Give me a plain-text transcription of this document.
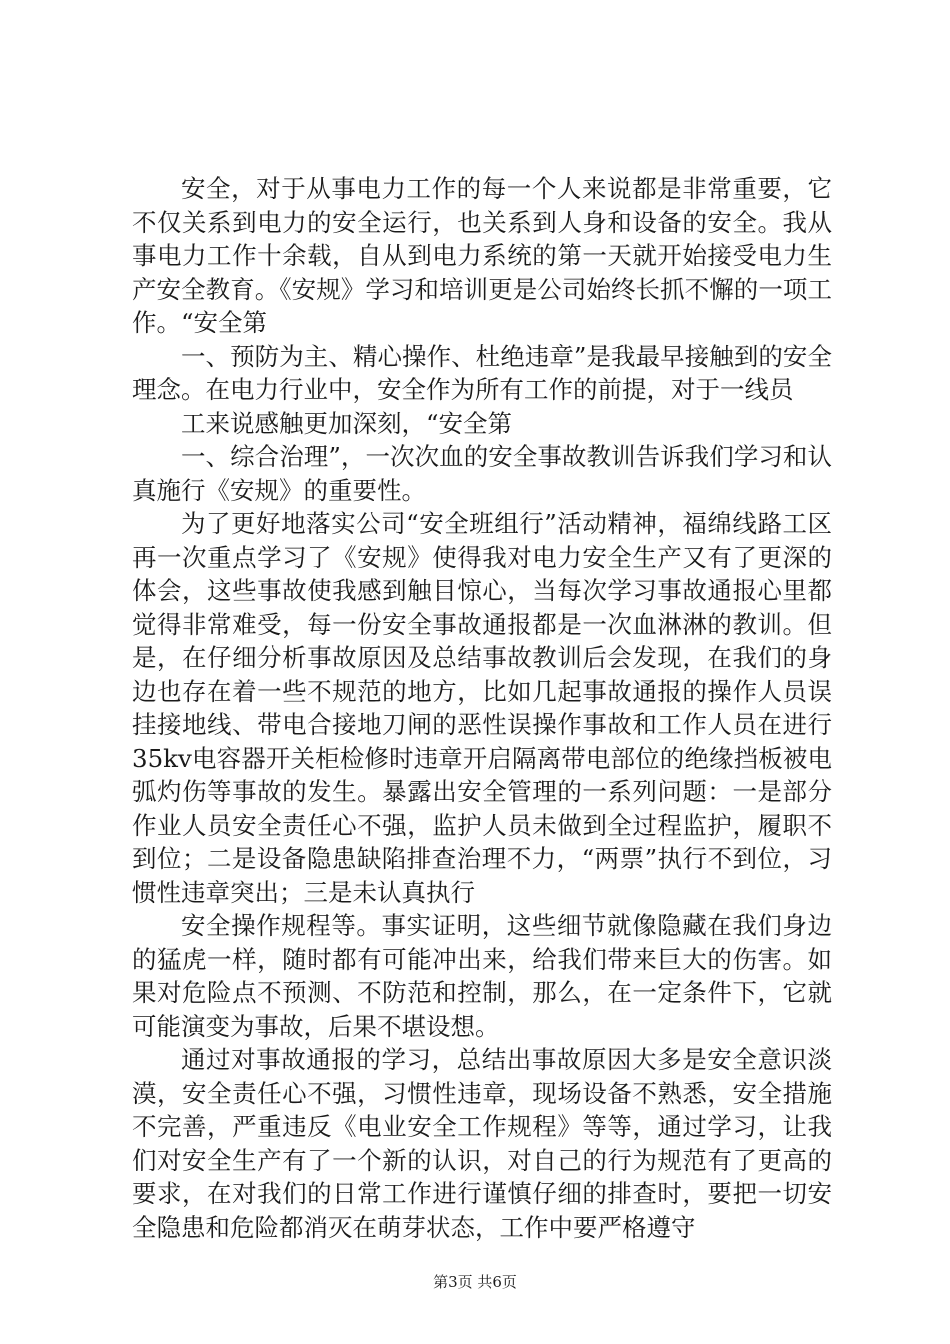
安全，对于从事电力工作的每一个人来说都是非常重要，它不仅关系到电力的安全运行，也关系到人身和设备的安全。我从事电力工作十余载，自从到电力系统的第一天就开始接受电力生产安全教育。《安规》学习和培训更是公司始终长抓不懈的一项工作。“安全第

一、预防为主、精心操作、杜绝违章”是我最早接触到的安全理念。在电力行业中，安全作为所有工作的前提，对于一线员

工来说感触更加深刻，“安全第

一、综合治理”，一次次血的安全事故教训告诉我们学习和认真施行《安规》的重要性。

为了更好地落实公司“安全班组行”活动精神，福绵线路工区再一次重点学习了《安规》使得我对电力安全生产又有了更深的体会，这些事故使我感到触目惊心，当每次学习事故通报心里都觉得非常难受，每一份安全事故通报都是一次血淋淋的教训。但是，在仔细分析事故原因及总结事故教训后会发现，在我们的身边也存在着一些不规范的地方，比如几起事故通报的操作人员误挂接地线、带电合接地刀闸的恶性误操作事故和工作人员在进行35kv电容器开关柜检修时违章开启隔离带电部位的绝缘挡板被电弧灼伤等事故的发生。暴露出安全管理的一系列问题：一是部分作业人员安全责任心不强，监护人员未做到全过程监护，履职不到位；二是设备隐患缺陷排查治理不力，“两票”执行不到位，习惯性违章突出；三是未认真执行

安全操作规程等。事实证明，这些细节就像隐藏在我们身边的猛虎一样，随时都有可能冲出来，给我们带来巨大的伤害。如果对危险点不预测、不防范和控制，那么，在一定条件下，它就可能演变为事故，后果不堪设想。

通过对事故通报的学习，总结出事故原因大多是安全意识淡漠，安全责任心不强，习惯性违章，现场设备不熟悉，安全措施不完善，严重违反《电业安全工作规程》等等，通过学习，让我们对安全生产有了一个新的认识，对自己的行为规范有了更高的要求，在对我们的日常工作进行谨慎仔细的排查时，要把一切安全隐患和危险都消灭在萌芽状态，工作中要严格遵守

第3页 共6页
